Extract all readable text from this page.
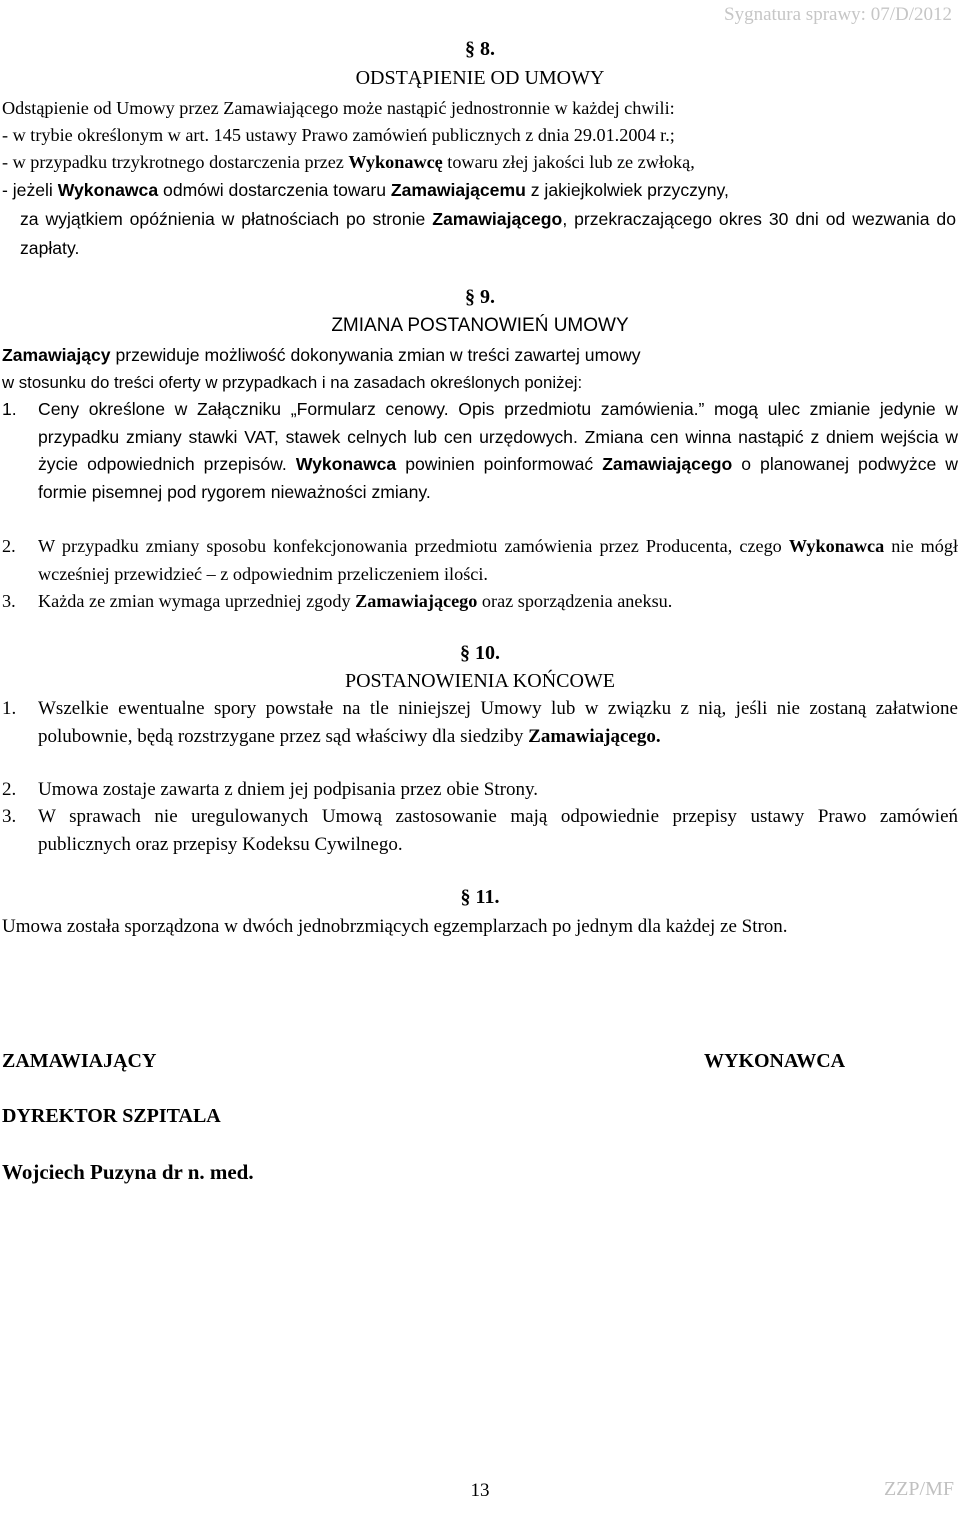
Sygnatura sprawy: 07/D/2012
§ 8.
ODSTĄPIENIE OD UMOWY
Odstąpienie od Umowy przez Zamawiającego może nastąpić jednostronnie w każdej chwili:
- w trybie określonym w art. 145 ustawy Prawo zamówień publicznych z dnia 29.01.2004 r.;
- w przypadku trzykrotnego dostarczenia przez Wykonawcę towaru złej jakości lub ze zwłoką,
- jeżeli Wykonawca odmówi dostarczenia towaru Zamawiającemu z jakiejkolwiek przyczyny,
za wyjątkiem opóźnienia w płatnościach po stronie Zamawiającego, przekraczającego okres 30 dni od wezwania do zapłaty.
§ 9.
ZMIANA POSTANOWIEŃ UMOWY
Zamawiający przewiduje możliwość dokonywania zmian w treści zawartej umowy
w stosunku do treści oferty w przypadkach i na zasadach określonych poniżej:
1. Ceny określone w Załączniku „Formularz cenowy. Opis przedmiotu zamówienia.” mogą ulec zmianie jedynie w przypadku zmiany stawki VAT, stawek celnych lub cen urzędowych. Zmiana cen winna nastąpić z dniem wejścia w życie odpowiednich przepisów. Wykonawca powinien poinformować Zamawiającego o planowanej podwyżce w formie pisemnej pod rygorem nieważności zmiany.
2. W przypadku zmiany sposobu konfekcjonowania przedmiotu zamówienia przez Producenta, czego Wykonawca nie mógł wcześniej przewidzieć – z odpowiednim przeliczeniem ilości.
3. Każda ze zmian wymaga uprzedniej zgody Zamawiającego oraz sporządzenia aneksu.
§ 10.
POSTANOWIENIA KOŃCOWE
1. Wszelkie ewentualne spory powstałe na tle niniejszej Umowy lub w związku z nią, jeśli nie zostaną załatwione polubownie, będą rozstrzygane przez sąd właściwy dla siedziby Zamawiającego.
2. Umowa zostaje zawarta z dniem jej podpisania przez obie Strony.
3. W sprawach nie uregulowanych Umową zastosowanie mają odpowiednie przepisy ustawy Prawo zamówień publicznych oraz przepisy Kodeksu Cywilnego.
§ 11.
Umowa została sporządzona w dwóch jednobrzmiących egzemplarzach po jednym dla każdej ze Stron.
ZAMAWIAJĄCY	WYKONAWCA
DYREKTOR SZPITALA
Wojciech Puzyna dr n. med.
13	ZZP/MF
